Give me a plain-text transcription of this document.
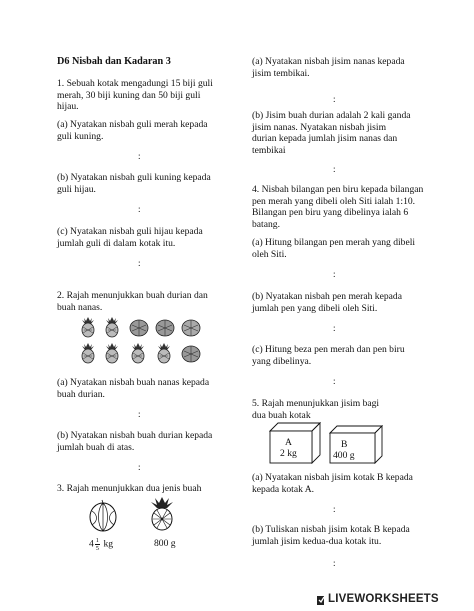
D6 Nisbah dan Kadaran 3
1. Sebuah kotak mengadungi 15 biji guli
merah, 30 biji kuning dan 50 biji guli
hijau.
(a) Nyatakan nisbah guli merah kepada
guli kuning.
:
(b) Nyatakan nisbah guli kuning kepada
guli hijau.
:
(c) Nyatakan nisbah guli hijau kepada
jumlah guli di dalam kotak itu.
:
2. Rajah menunjukkan buah durian dan
buah nanas.
(a) Nyatakan nisbah buah nanas kepada
buah durian.
:
(b) Nyatakan nisbah buah durian kepada
jumlah buah di atas.
:
3. Rajah menunjukkan dua jenis buah
$4 \frac{1}{5}$ kg	800 g
(a) Nyatakan nisbah jisim nanas kepada
jisim tembikai.
:
(b) Jisim buah durian adalah 2 kali ganda
jisim nanas. Nyatakan nisbah jisim
durian kepada jumlah jisim nanas dan
tembikai
:
4. Nisbah bilangan pen biru kepada bilangan
pen merah yang dibeli oleh Siti ialah 1:10.
Bilangan pen biru yang dibelinya ialah 6
batang.
(a) Hitung bilangan pen merah yang dibeli
oleh Siti.
:
(b) Nyatakan nisbah pen merah kepada
jumlah pen yang dibeli oleh Siti.
:
(c) Hitung beza pen merah dan pen biru
yang dibelinya.
:
5. Rajah menunjukkan jisim bagi
dua buah kotak
A
2 kg
B
400 g
(a) Nyatakan nisbah jisim kotak B kepada
kepada kotak A.
:
(b) Tuliskan nisbah jisim kotak B kepada
jumlah jisim kedua-dua kotak itu.
:
LIVEWORKSHEETS
